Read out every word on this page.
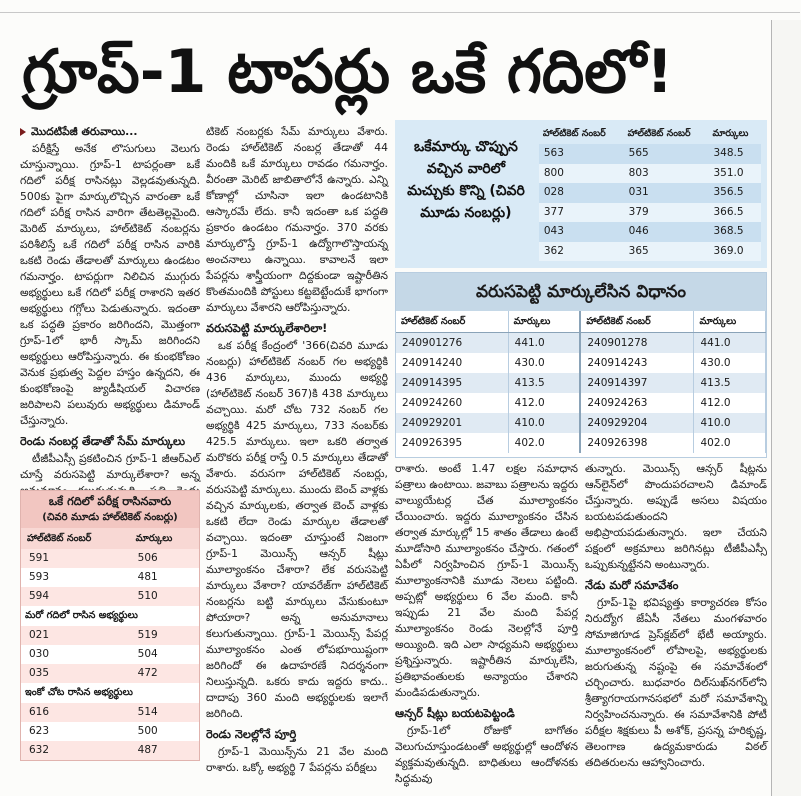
గ్రూప్‌-1 టాపర్లు ఒకే గదిలో!
మొదటిపేజీ తరువాయి...

పరీక్షిస్తే అనేక లొసుగులు వెలుగు చూస్తున్నాయి. గ్రూప్‌-1 టాపర్లంతా ఒకే గదిలో పరీక్ష రాసినట్లు వెల్లడవుతున్నది. 500కు పైగా మార్కులొచ్చిన వారంతా ఒకే గదిలో పరీక్ష రాసిన వారిగా తేటతెల్లమైంది. మెరిట్‌ మార్కులు, హాల్‌టికెట్‌ నంబర్లను పరిశీలిస్తే ఒకే గదిలో పరీక్ష రాసిన వారికి ఒకటి రెండు తేడాలతో మార్కులు ఉండటం గమనార్హం. టాపర్లుగా నిలిచిన ముగ్గురు అభ్యర్థులు ఒకే గదిలో పరీక్ష రాశారని ఇతర అభ్యర్థులు గగ్గోలు పెడుతున్నారు. ఇదంతా ఒక పద్ధతి ప్రకారం జరిగిందని, మొత్తంగా గ్రూప్‌-1లో భారీ స్కామ్‌ జరిగిందని అభ్యర్థులు ఆరోపిస్తున్నారు. ఈ కుంభకోణం వెనుక ప్రభుత్వ పెద్దల హస్తం ఉన్నదని, ఈ కుంభకోణంపై జ్యుడీషియల్‌ విచారణ జరిపాలని పలువురు అభ్యర్థులు డిమాండ్‌ చేస్తున్నారు.

రెండు నంబర్ల తేడాతో సేమ్‌ మార్కులు

టీజీపీఎస్సీ ప్రకటించిన గ్రూప్‌-1 జీఆర్‌ఎల్‌ చూస్తే వరుసపెట్టి మార్కులేశారా? అన్న

ఒకే గదిలో పరీక్ష రాసినవారు
(చివరి మూడు హాల్‌టికెట్‌ నంబర్లు)
హాల్‌టికెట్‌ నంబర్‌	మార్కులు
591	506
593	481
594	510
మరో గదిలో రాసిన అభ్యర్థులు	
021	519
030	504
035	472
ఇంకో చోట రాసిన అభ్యర్థులు	
616	514
623	500
632	487

టికెట్‌ నంబర్లకు సేమ్‌ మార్కులు వేశారు. రెండు హాల్‌టికెట్‌ నంబర్ల తేడాతో 44 మందికి ఒకే మార్కులు రావడం గమనార్హం. వీరంతా మెరిట్‌ జాబితాలోనే ఉన్నారు. ఎన్ని కోణాల్లో చూసినా ఇలా ఉండటానికి ఆస్కారమే లేదు. కానీ ఇదంతా ఒక పద్ధతి ప్రకారం ఉండటం గమనార్హం. 370 వరకు మార్కులొస్తే గ్రూప్‌-1 ఉద్యోగాలొస్తాయన్న అంచనాలు ఉన్నాయి. కావాలనే ఇలా పేపర్లను శాస్త్రీయంగా దిద్దకుండా ఇష్టారీతిన కొంతమందికి పోస్టులు కట్టబెట్టేందుకే భాగంగా మార్కులు వేశారని ఆరోపిస్తున్నారు.

వరుసపెట్టి మార్కులేశారిలా!

ఒక పరీక్ష కేంద్రంలో '366(చివరి మూడు నంబర్లు) హాల్‌టికెట్‌ నంబర్‌ గల అభ్యర్థికి 436 మార్కులు, ముందు అభ్యర్థి (హాల్‌టికెట్‌ నంబర్‌ 367)కి 438 మార్కులు వచ్చాయి. మరో చోట 732 నంబర్‌ గల అభ్యర్థికి 425 మార్కులు, 733 నంబర్‌కు 425.5 మార్కులు. ఇలా ఒకరి తర్వాత మరొకరు పరీక్ష రాస్తే 0.5 మార్కులు తేడాతో వేశారు. వరుసగా హాల్‌టికెట్‌ నంబర్లు, వరుసపెట్టి మార్కులు. ముందు బెంచ్‌ వాళ్లకు వచ్చిన మార్కులకు, తర్వాత బెంచ్‌ వాళ్లకు ఒకటి లేదా రెండు మార్కుల తేడాలతో వచ్చాయి. ఇదంతా చూస్తుంటే నిజంగా గ్రూప్‌-1 మెయిన్స్‌ ఆన్సర్‌ షీట్లు మూల్యాంకనం చేశారా? లేక వరుసపెట్టి మార్కులు వేశారా? యావరేజ్‌గా హాల్‌టికెట్‌ నంబర్లను బట్టి మార్కులు వేసుకుంటూ పోయారా? అన్న అనుమానాలు కలుగుతున్నాయి. గ్రూప్‌-1 మెయిన్స్‌ పేపర్ల మూల్యాంకనం ఎంత లోపభూయిష్టంగా జరిగిందో ఈ ఉదాహరణే నిదర్శనంగా నిలుస్తున్నది. ఒకరు కాదు ఇద్దరు కాదు.. దాదాపు 360 మంది అభ్యర్థులకు ఇలాగే జరిగింది.

రెండు నెలల్లోనే పూర్తి

గ్రూప్‌-1 మెయిన్స్‌ను 21 వేల మంది రాశారు. ఒక్కో అభ్యర్థి 7 పేపర్లను పరీక్షలు

ఒకేమార్కు చొప్పున వచ్చిన వారిలో మచ్చుకు కొన్ని (చివరి మూడు నంబర్లు)
హాల్‌టికెట్‌ నంబర్‌	హాల్‌టికెట్‌ నంబర్‌	మార్కులు
563	565	348.5
800	803	351.0
028	031	356.5
377	379	366.5
043	046	368.5
362	365	369.0
వరుసపెట్టి మార్కులేసిన విధానం
హాల్‌టికెట్‌ నంబర్‌	మార్కులు	హాల్‌టికెట్‌ నంబర్‌	మార్కులు
240901276	441.0	240901278	441.0
240914240	430.0	240914243	430.0
240914395	413.5	240914397	413.5
240924260	412.0	240924263	412.0
240929201	410.0	240929204	410.0
240926395	402.0	240926398	402.0

రాశారు. అంటే 1.47 లక్షల సమాధాన పత్రాలు ఉంటాయి. జవాబు పత్రాలను ఇద్దరు వాల్యుయేటర్ల చేత మూల్యాంకనం చేయించారు. ఇద్దరు మూల్యాంకనం చేసిన తర్వాత మార్కుల్లో 15 శాతం తేడాలు ఉంటే మూడోసారి మూల్యాంకనం చేస్తారు. గతంలో ఏపీలో నిర్వహించిన గ్రూప్‌-1 మెయిన్స్‌ మూల్యాంకనానికి మూడు నెలలు పట్టింది. అప్పట్లో అభ్యర్థులు 6 వేల మంది. కానీ ఇప్పుడు 21 వేల మంది పేపర్ల మూల్యాంకనం రెండు నెలల్లోనే పూర్తి అయ్యింది. ఇది ఎలా సాధ్యమని అభ్యర్థులు ప్రశ్నిస్తున్నారు. ఇష్టారీతిన మార్కులేసి, ప్రతిభావంతులకు అన్యాయం చేశారని మండిపడుతున్నారు.

ఆన్సర్‌ షీట్లు బయటపెట్టండి

గ్రూప్‌-1లో రోజుకో బాగోతం వెలుగుచూస్తుండటంతో అభ్యర్థుల్లో ఆందోళన వ్యక్తమవుతున్నది. బాధితులు ఆందోళనకు సిద్ధమవు

తున్నారు. మెయిన్స్‌ ఆన్సర్‌ షీట్లను ఆన్‌లైన్‌లో పొందుపరచాలని డిమాండ్‌ చేస్తున్నారు. అప్పుడే అసలు విషయం బయటపడుతుందని అభిప్రాయపడుతున్నారు. ఇలా చేయని పక్షంలో అక్రమాలు జరిగినట్లు టీజీపీఎస్సీ ఒప్పుకున్నట్టేనని అంటున్నారు.

నేడు మరో సమావేశం

గ్రూప్‌-1పై భవిష్యత్తు కార్యాచరణ కోసం నిరుద్యోగ జేఏసీ నేతలు మంగళవారం సోమాజిగూడ ప్రెస్‌క్లబ్‌లో భేటీ అయ్యారు. మూల్యాంకనంలో లోపాలపై, అభ్యర్థులకు జరుగుతున్న నష్టంపై ఈ సమావేశంలో చర్చించారు. బుధవారం దిల్‌సుఖ్‌నగర్‌లోని శ్రీత్యాగరాయగానసభలో మరో సమావేశాన్ని నిర్వహించనున్నారు. ఈ సమావేశానికి పోటీ పరీక్షల శిక్షకులు పీ అశోక్‌, ప్రసన్న హరికృష్ణ, తెలంగాణ ఉద్యమకారుడు విఠల్‌ తదితరులను ఆహ్వానించారు.
